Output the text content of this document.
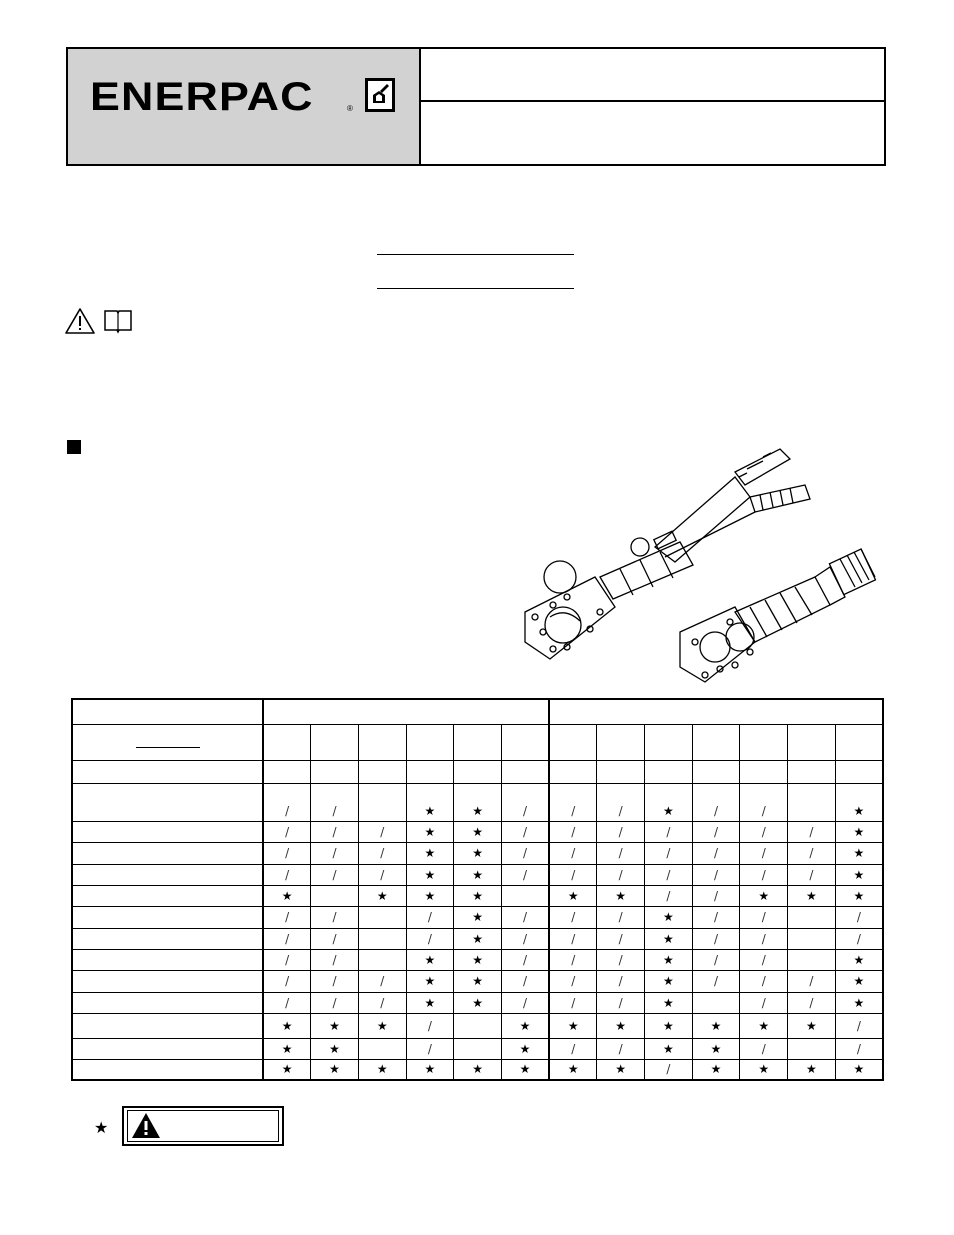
ENERPAC	®

	/	/		★	★	/	/	/	★	/	/		★
	/	/	/	★	★	/	/	/	/	/	/	/	★
	/	/	/	★	★	/	/	/	/	/	/	/	★
	/	/	/	★	★	/	/	/	/	/	/	/	★
	★		★	★	★		★	★	/	/	★	★	★
	/	/		/	★	/	/	/	★	/	/		/
	/	/		/	★	/	/	/	★	/	/		/
	/	/		★	★	/	/	/	★	/	/		★
	/	/	/	★	★	/	/	/	★	/	/	/	★
	/	/	/	★	★	/	/	/	★		/	/	★
	★	★	★	/		★	★	★	★	★	★	★	/
	★	★		/		★	/	/	★	★	/		/
	★	★	★	★	★	★	★	★	/	★	★	★	★
★
